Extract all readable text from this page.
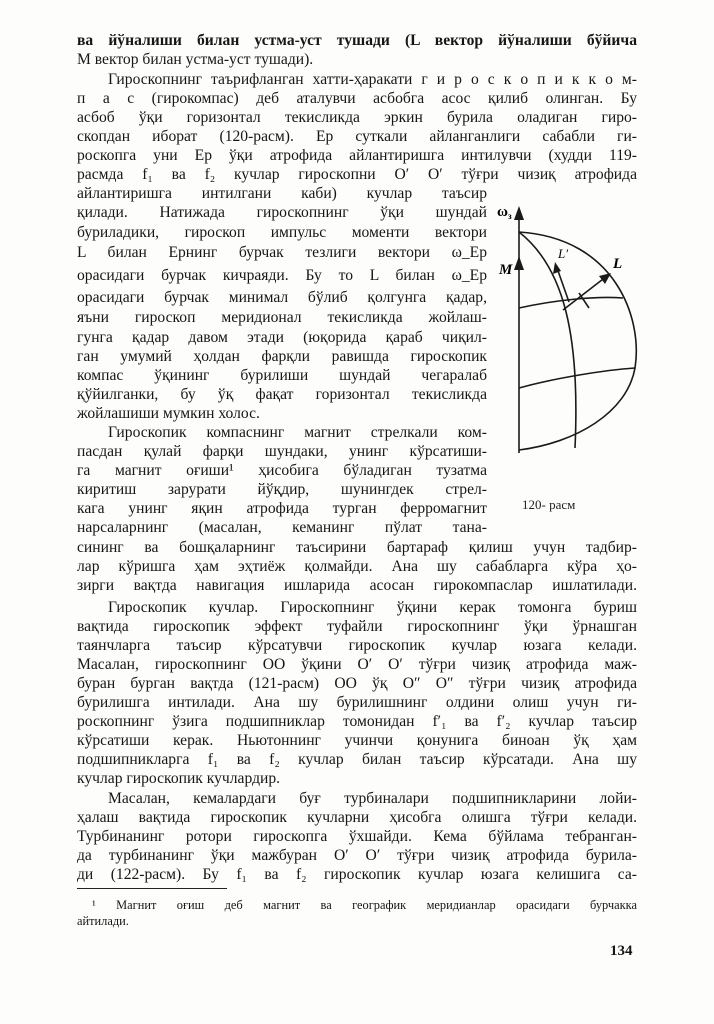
ва йўналиши билан устма-уст тушади (L вектор йўналиши бўйича
M вектор билан устма-уст тушади).
Гироскопнинг таърифланган хатти-ҳаракати г и р о с к о п и к к о м-
п а с (гирокомпас) деб аталувчи асбобга асос қилиб олинган. Бу
асбоб ўқи горизонтал текисликда эркин бурила оладиган гиро-
скопдан иборат (120-расм). Ер суткали айланганлиги сабабли ги-
роскопга уни Ер ўқи атрофида айлантиришга интилувчи (худди 119-
расмда f₁ ва f₂ кучлар гироскопни O′ O′ тўғри чизиқ атрофида
айлантиришга интилгани каби) кучлар таъсир
қилади. Натижада гироскопнинг ўқи шундай
буриладики, гироскоп импульс моменти вектори
L билан Ернинг бурчак тезлиги вектори ω_Ер
орасидаги бурчак кичраяди. Бу то L билан ω_Ер
орасидаги бурчак минимал бўлиб қолгунга қадар,
яъни гироскоп меридионал текисликда жойлаш-
гунга қадар давом этади (юқорида қараб чиқил-
ган умумий ҳолдан фарқли равишда гироскопик
компас ўқининг бурилиши шундай чегаралаб
қўйилганки, бу ўқ фақат горизонтал текисликда
жойлашиши мумкин холос.
Гироскопик компаснинг магнит стрелкали ком-
пасдан қулай фарқи шундаки, унинг кўрсатиши-
га магнит оғиши¹ ҳисобига бўладиган тузатма
киритиш зарурати йўқдир, шунингдек стрел-
кага унинг яқин атрофида турган ферромагнит
нарсаларнинг (масалан, кеманинг пўлат тана-
$\omega_з$
M
L′
L
120- расм
сининг ва бошқаларнинг таъсирини бартараф қилиш учун тадбир-
лар кўришга ҳам эҳтиёж қолмайди. Ана шу сабабларга кўра ҳо-
зирги вақтда навигация ишларида асосан гирокомпаслар ишлатилади.
Гироскопик кучлар. Гироскопнинг ўқини керак томонга буриш
вақтида гироскопик эффект туфайли гироскопнинг ўқи ўрнашган
таянчларга таъсир кўрсатувчи гироскопик кучлар юзага келади.
Масалан, гироскопнинг OO ўқини O′ O′ тўғри чизиқ атрофида маж-
буран бурган вақтда (121-расм) OO ўқ O″ O″ тўғри чизиқ атрофида
бурилишга интилади. Ана шу бурилишнинг олдини олиш учун ги-
роскопнинг ўзига подшипниклар томонидан f′₁ ва f′₂ кучлар таъсир
кўрсатиши керак. Ньютоннинг учинчи қонунига биноан ўқ ҳам
подшипникларга f₁ ва f₂ кучлар билан таъсир кўрсатади. Ана шу
кучлар гироскопик кучлардир.
Масалан, кемалардаги буғ турбиналари подшипникларини лойи-
ҳалаш вақтида гироскопик кучларни ҳисобга олишга тўғри келади.
Турбинанинг ротори гироскопга ўхшайди. Кема бўйлама тебранган-
да турбинанинг ўқи мажбуран O′ O′ тўғри чизиқ атрофида бурила-
ди (122-расм). Бу f₁ ва f₂ гироскопик кучлар юзага келишига са-
¹ Магнит оғиш деб магнит ва географик меридианлар орасидаги бурчакка
айтилади.
134
